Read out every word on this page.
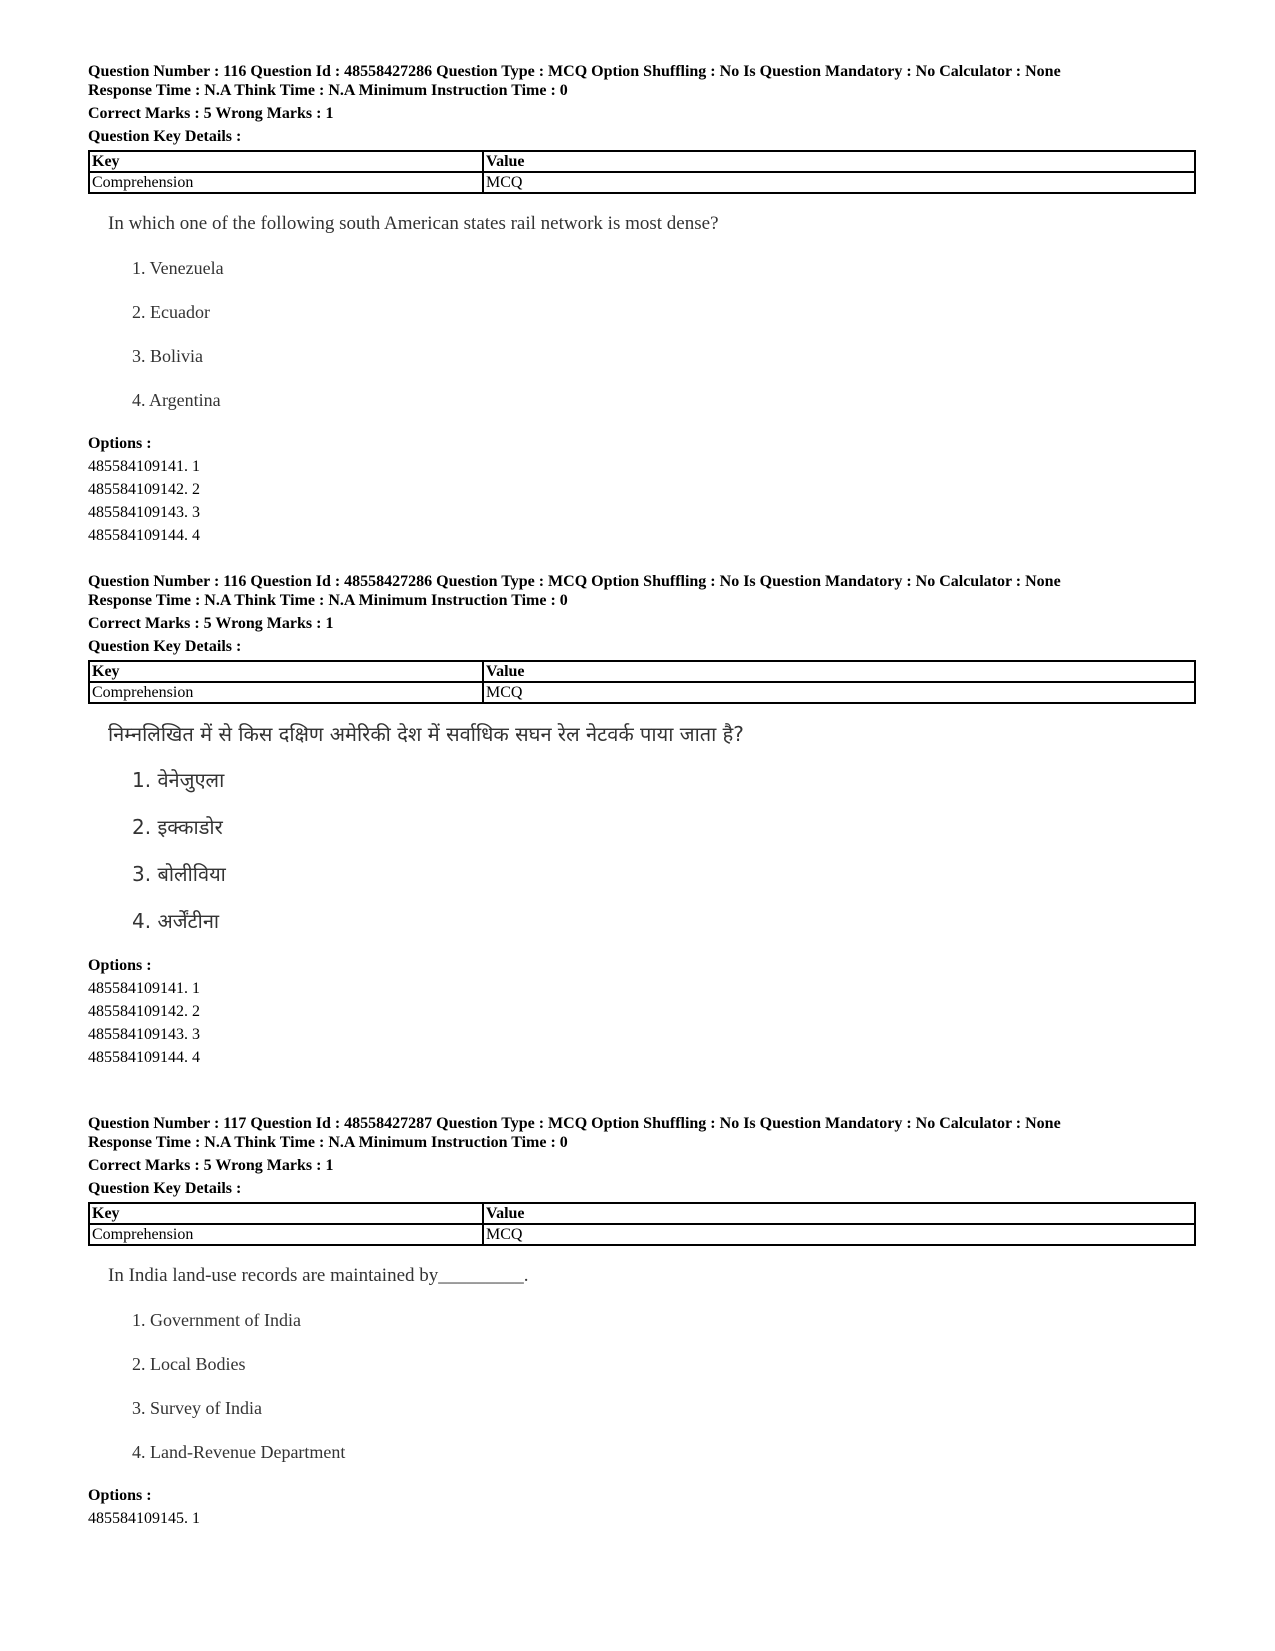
Question Number : 116 Question Id : 48558427286 Question Type : MCQ Option Shuffling : No Is Question Mandatory : No Calculator : None
Response Time : N.A Think Time : N.A Minimum Instruction Time : 0
Correct Marks : 5 Wrong Marks : 1
Question Key Details :
Key	Value
Comprehension	MCQ
In which one of the following south American states rail network is most dense?
1. Venezuela
2. Ecuador
3. Bolivia
4. Argentina
Options :
485584109141. 1
485584109142. 2
485584109143. 3
485584109144. 4
Question Number : 116 Question Id : 48558427286 Question Type : MCQ Option Shuffling : No Is Question Mandatory : No Calculator : None
Response Time : N.A Think Time : N.A Minimum Instruction Time : 0
Correct Marks : 5 Wrong Marks : 1
Question Key Details :
Key	Value
Comprehension	MCQ
निम्नलिखित में से किस दक्षिण अमेरिकी देश में सर्वाधिक सघन रेल नेटवर्क पाया जाता है?
1. वेनेजुएला
2. इक्काडोर
3. बोलीविया
4. अर्जेंटीना
Options :
485584109141. 1
485584109142. 2
485584109143. 3
485584109144. 4
Question Number : 117 Question Id : 48558427287 Question Type : MCQ Option Shuffling : No Is Question Mandatory : No Calculator : None
Response Time : N.A Think Time : N.A Minimum Instruction Time : 0
Correct Marks : 5 Wrong Marks : 1
Question Key Details :
Key	Value
Comprehension	MCQ
In India land-use records are maintained by_________.
1. Government of India
2. Local Bodies
3. Survey of India
4. Land-Revenue Department
Options :
485584109145. 1
